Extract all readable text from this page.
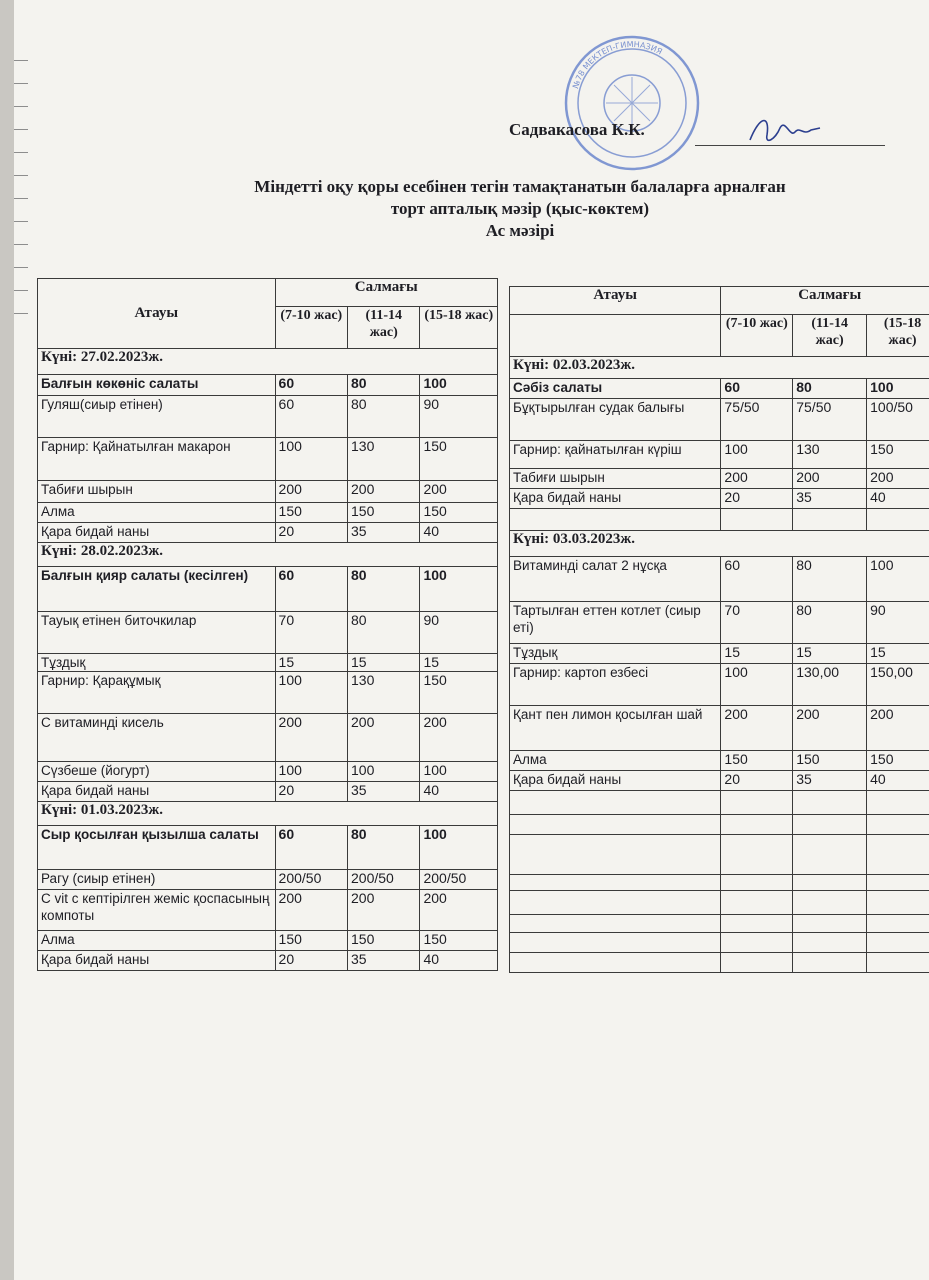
№78 МЕКТЕП-ГИМНАЗИЯ
Садвакасова К.К.
Міндетті оқу қоры есебінен тегін тамақтанатын балаларға арналған
торт апталық мәзір (қыс-көктем)
Ас мәзірі
Атауы	Салмағы		
	(7-10 жас)	(11-14 жас)	(15-18 жас)
Күні: 27.02.2023ж.			
Балғын көкөніс салаты	60	80	100
Гуляш(сиыр етінен)	60	80	90
Гарнир: Қайнатылған макарон	100	130	150
Табиғи шырын	200	200	200
Алма	150	150	150
Қара бидай наны	20	35	40
Күні: 28.02.2023ж.			
Балғын қияр салаты (кесілген)	60	80	100
Тауық етінен биточкилар	70	80	90
Тұздық	15	15	15
Гарнир: Қарақұмық	100	130	150
С витаминді кисель	200	200	200
Сүзбеше (йогурт)	100	100	100
Қара бидай наны	20	35	40
Күні: 01.03.2023ж.			
Сыр қосылған қызылша салаты	60	80	100
Рагу (сиыр етінен)	200/50	200/50	200/50
С vit с кептірілген жеміс қоспасының компоты	200	200	200
Алма	150	150	150
Қара бидай наны	20	35	40
Атауы	Салмағы		
	(7-10 жас)	(11-14 жас)	(15-18 жас)
Күні: 02.03.2023ж.			
Сәбіз салаты	60	80	100
Бұқтырылған судак балығы	75/50	75/50	100/50
Гарнир: қайнатылған күріш	100	130	150
Табиғи шырын	200	200	200
Қара бидай наны	20	35	40

Күні: 03.03.2023ж.			
Витаминді салат 2 нұсқа	60	80	100
Тартылған еттен котлет (сиыр еті)	70	80	90
Тұздық	15	15	15
Гарнир: картоп езбесі	100	130,00	150,00
Қант пен лимон қосылған шай	200	200	200
Алма	150	150	150
Қара бидай наны	20	35	40
